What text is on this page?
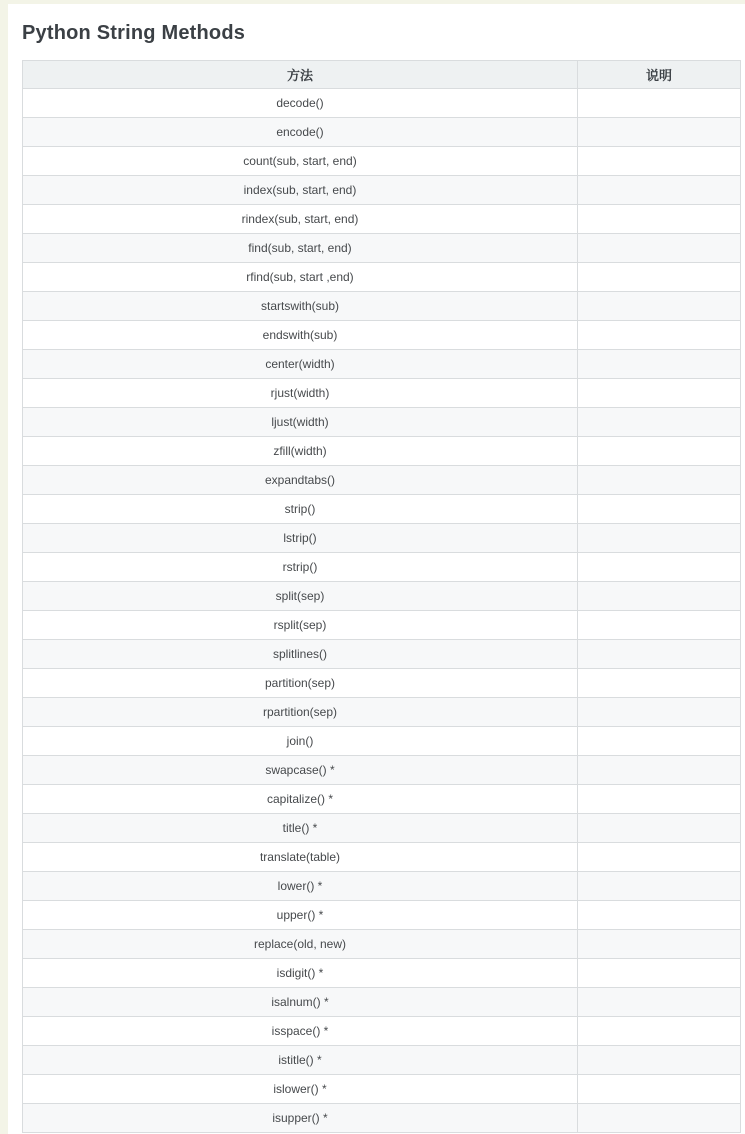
Python String Methods
方法	说明
decode()	
encode()	
count(sub, start, end)	
index(sub, start, end)	
rindex(sub, start, end)	
find(sub, start, end)	
rfind(sub, start ,end)	
startswith(sub)	
endswith(sub)	
center(width)	
rjust(width)	
ljust(width)	
zfill(width)	
expandtabs()	
strip()	
lstrip()	
rstrip()	
split(sep)	
rsplit(sep)	
splitlines()	
partition(sep)	
rpartition(sep)	
join()	
swapcase() *	
capitalize() *	
title() *	
translate(table)	
lower() *	
upper() *	
replace(old, new)	
isdigit() *	
isalnum() *	
isspace() *	
istitle() *	
islower() *	
isupper() *	
